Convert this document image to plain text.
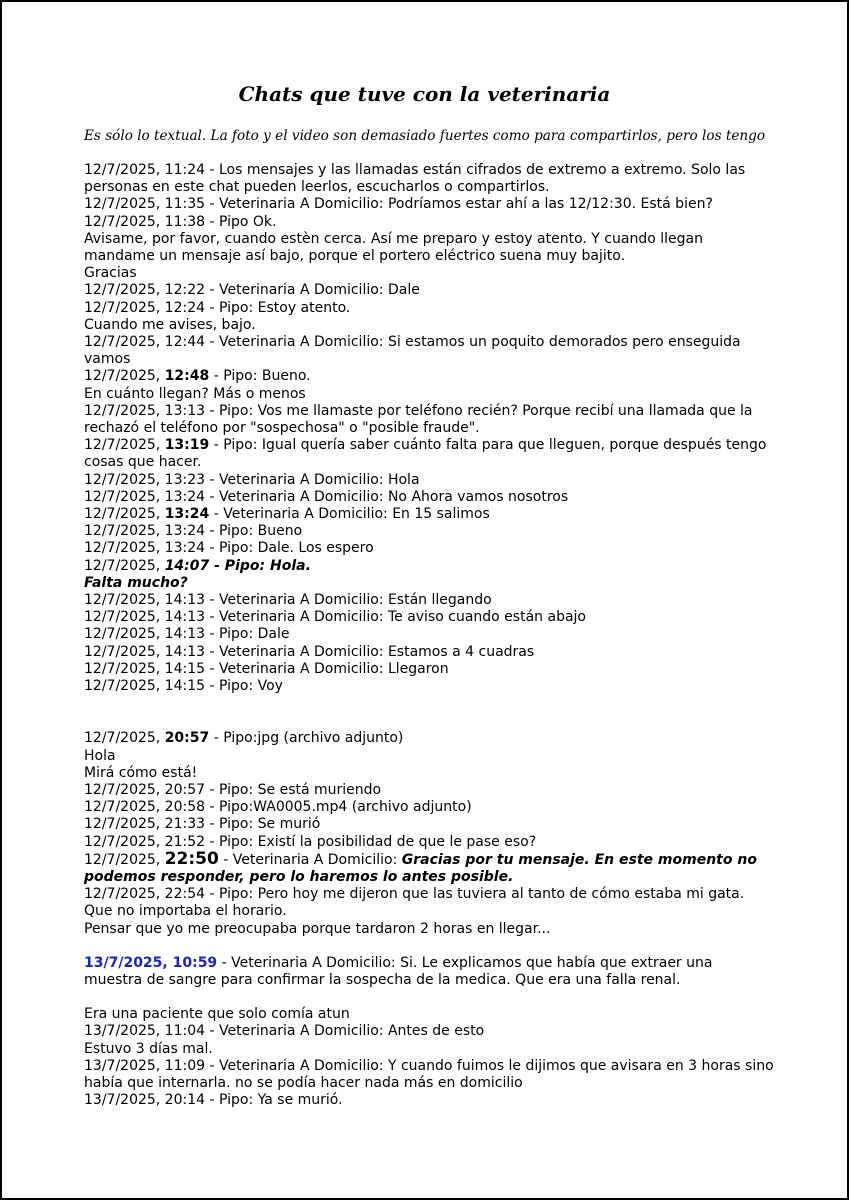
Chats que tuve con la veterinaria
Es sólo lo textual. La foto y el video son demasiado fuertes como para compartirlos, pero los tengo
12/7/2025, 11:24 - Los mensajes y las llamadas están cifrados de extremo a extremo. Solo las personas en este chat pueden leerlos, escucharlos o compartirlos.
12/7/2025, 11:35 - Veterinaria A Domicilio: Podríamos estar ahí a las 12/12:30. Está bien?
12/7/2025, 11:38 - Pipo Ok.
Avisame, por favor, cuando estèn cerca. Así me preparo y estoy atento. Y cuando llegan mandame un mensaje así bajo, porque el portero eléctrico suena muy bajito.
Gracias
12/7/2025, 12:22 - Veterinaria A Domicilio: Dale
12/7/2025, 12:24 - Pipo: Estoy atento.
Cuando me avises, bajo.
12/7/2025, 12:44 - Veterinaria A Domicilio: Si estamos un poquito demorados pero enseguida vamos
12/7/2025, 12:48 - Pipo: Bueno.
En cuánto llegan? Más o menos
12/7/2025, 13:13 - Pipo: Vos me llamaste por teléfono recién? Porque recibí una llamada que la rechazó el teléfono por "sospechosa" o "posible fraude".
12/7/2025, 13:19 - Pipo: Igual quería saber cuánto falta para que lleguen, porque después tengo cosas que hacer.
12/7/2025, 13:23 - Veterinaria A Domicilio: Hola
12/7/2025, 13:24 - Veterinaria A Domicilio: No Ahora vamos nosotros
12/7/2025, 13:24 - Veterinaria A Domicilio: En 15 salimos
12/7/2025, 13:24 - Pipo: Bueno
12/7/2025, 13:24 - Pipo: Dale. Los espero
12/7/2025, 14:07 - Pipo: Hola.
Falta mucho?
12/7/2025, 14:13 - Veterinaria A Domicilio: Están llegando
12/7/2025, 14:13 - Veterinaria A Domicilio: Te aviso cuando están abajo
12/7/2025, 14:13 - Pipo: Dale
12/7/2025, 14:13 - Veterinaria A Domicilio: Estamos a 4 cuadras
12/7/2025, 14:15 - Veterinaria A Domicilio: Llegaron
12/7/2025, 14:15 - Pipo: Voy
12/7/2025, 20:57 - Pipo:jpg (archivo adjunto)
Hola
Mirá cómo está!
12/7/2025, 20:57 - Pipo: Se está muriendo
12/7/2025, 20:58 - Pipo:WA0005.mp4 (archivo adjunto)
12/7/2025, 21:33 - Pipo: Se murió
12/7/2025, 21:52 - Pipo: Existí la posibilidad de que le pase eso?
12/7/2025, 22:50 - Veterinaria A Domicilio: Gracias por tu mensaje. En este momento no podemos responder, pero lo haremos lo antes posible.
12/7/2025, 22:54 - Pipo: Pero hoy me dijeron que las tuviera al tanto de cómo estaba mi gata. Que no importaba el horario.
Pensar que yo me preocupaba porque tardaron 2 horas en llegar...
13/7/2025, 10:59 - Veterinaria A Domicilio: Si. Le explicamos que había que extraer una muestra de sangre para confirmar la sospecha de la medica. Que era una falla renal.
Era una paciente que solo comía atun
13/7/2025, 11:04 - Veterinaria A Domicilio: Antes de esto
Estuvo 3 días mal.
13/7/2025, 11:09 - Veterinaria A Domicilio: Y cuando fuimos le dijimos que avisara en 3 horas sino había que internarla. no se podía hacer nada más en domicilio
13/7/2025, 20:14 - Pipo: Ya se murió.
